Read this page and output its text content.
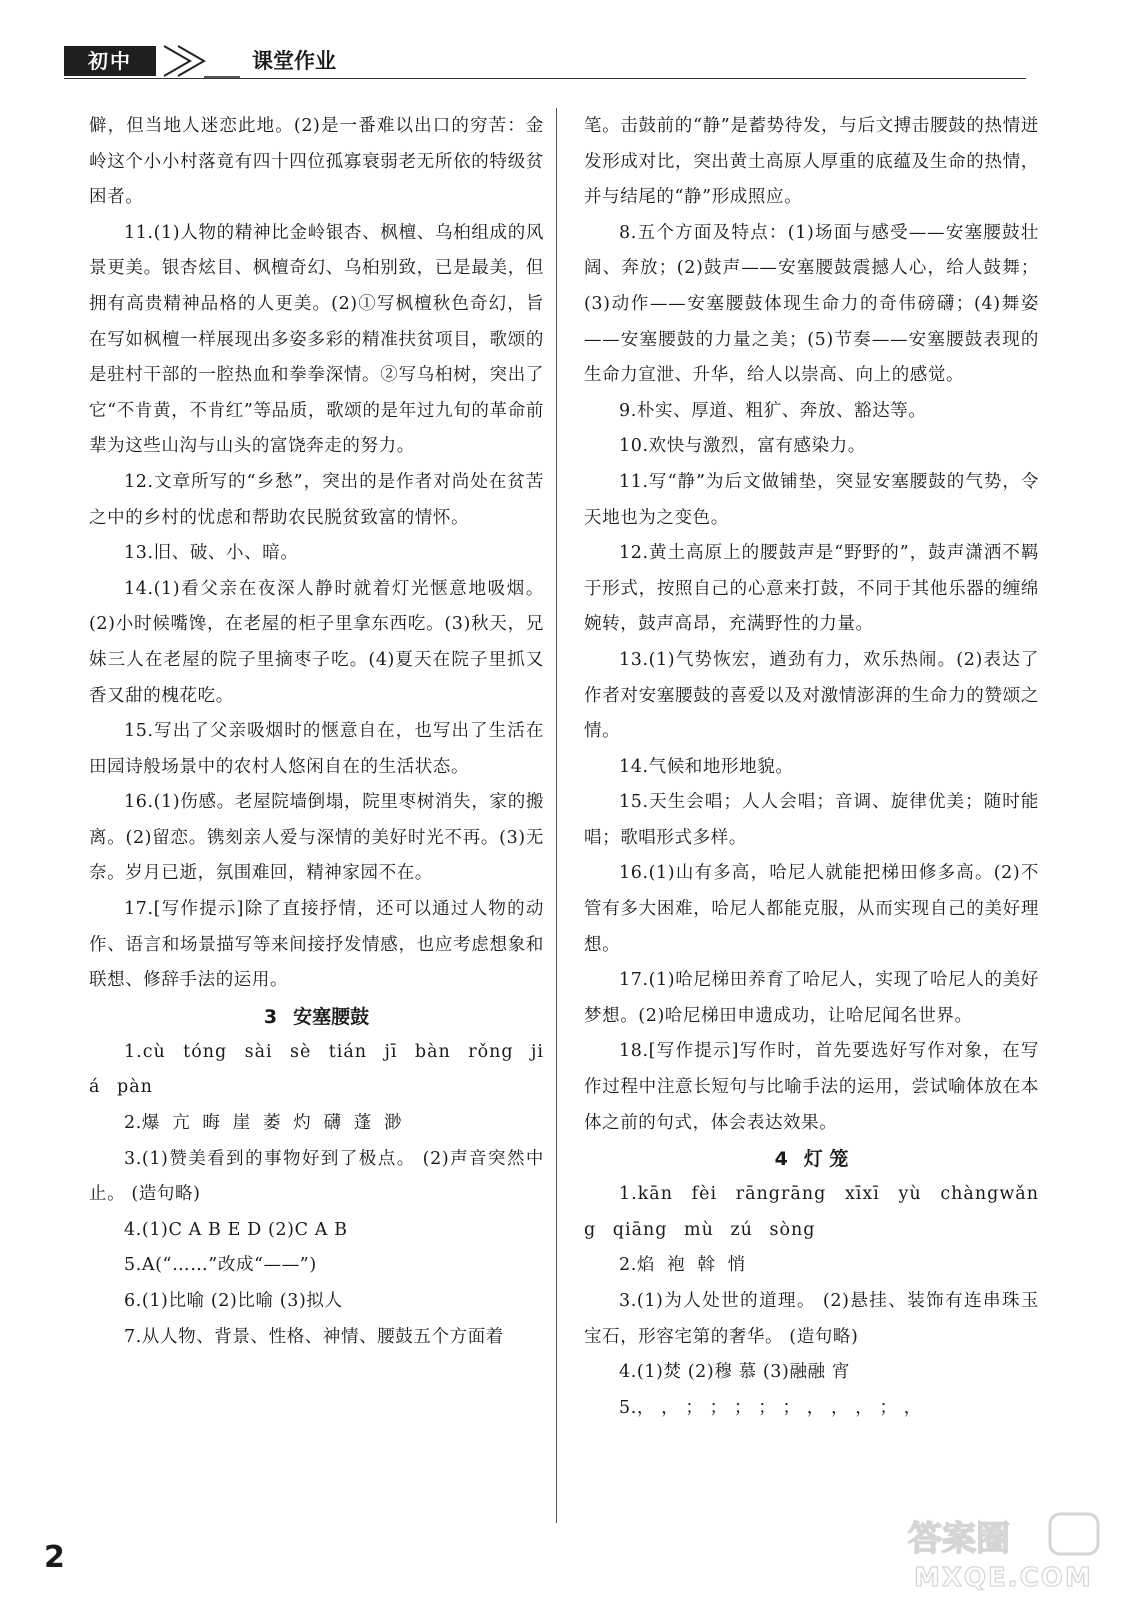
初中	课堂作业

僻，但当地人迷恋此地。(2)是一番难以出口的穷苦：金岭这个小小村落竟有四十四位孤寡衰弱老无所依的特级贫困者。

11.(1)人物的精神比金岭银杏、枫檀、乌桕组成的风景更美。银杏炫目、枫檀奇幻、乌桕别致，已是最美，但拥有高贵精神品格的人更美。(2)①写枫檀秋色奇幻，旨在写如枫檀一样展现出多姿多彩的精准扶贫项目，歌颂的是驻村干部的一腔热血和拳拳深情。②写乌桕树，突出了它“不肯黄，不肯红”等品质，歌颂的是年过九旬的革命前辈为这些山沟与山头的富饶奔走的努力。

12.文章所写的“乡愁”，突出的是作者对尚处在贫苦之中的乡村的忧虑和帮助农民脱贫致富的情怀。

13.旧、破、小、暗。

14.(1)看父亲在夜深人静时就着灯光惬意地吸烟。(2)小时候嘴馋，在老屋的柜子里拿东西吃。(3)秋天，兄妹三人在老屋的院子里摘枣子吃。(4)夏天在院子里抓又香又甜的槐花吃。

15.写出了父亲吸烟时的惬意自在，也写出了生活在田园诗般场景中的农村人悠闲自在的生活状态。

16.(1)伤感。老屋院墙倒塌，院里枣树消失，家的搬离。(2)留恋。镌刻亲人爱与深情的美好时光不再。(3)无奈。岁月已逝，氛围难回，精神家园不在。

17.[写作提示]除了直接抒情，还可以通过人物的动作、语言和场景描写等来间接抒发情感，也应考虑想象和联想、修辞手法的运用。

3 安塞腰鼓

1.cù tóng sài sè tián jī bàn rǒng jiá pàn

2.爆 亢 晦 崖 萎 灼 礴 蓬 渺

3.(1)赞美看到的事物好到了极点。 (2)声音突然中止。 (造句略)

4.(1)C A B E D (2)C A B

5.A(“……”改成“——”)

6.(1)比喻 (2)比喻 (3)拟人

7.从人物、背景、性格、神情、腰鼓五个方面着

笔。击鼓前的“静”是蓄势待发，与后文搏击腰鼓的热情迸发形成对比，突出黄土高原人厚重的底蕴及生命的热情，并与结尾的“静”形成照应。

8.五个方面及特点：(1)场面与感受——安塞腰鼓壮阔、奔放；(2)鼓声——安塞腰鼓震撼人心，给人鼓舞；(3)动作——安塞腰鼓体现生命力的奇伟磅礴；(4)舞姿——安塞腰鼓的力量之美；(5)节奏——安塞腰鼓表现的生命力宣泄、升华，给人以崇高、向上的感觉。

9.朴实、厚道、粗犷、奔放、豁达等。

10.欢快与激烈，富有感染力。

11.写“静”为后文做铺垫，突显安塞腰鼓的气势，令天地也为之变色。

12.黄土高原上的腰鼓声是“野野的”，鼓声潇洒不羁于形式，按照自己的心意来打鼓，不同于其他乐器的缠绵婉转，鼓声高昂，充满野性的力量。

13.(1)气势恢宏，遒劲有力，欢乐热闹。(2)表达了作者对安塞腰鼓的喜爱以及对激情澎湃的生命力的赞颂之情。

14.气候和地形地貌。

15.天生会唱；人人会唱；音调、旋律优美；随时能唱；歌唱形式多样。

16.(1)山有多高，哈尼人就能把梯田修多高。(2)不管有多大困难，哈尼人都能克服，从而实现自己的美好理想。

17.(1)哈尼梯田养育了哈尼人，实现了哈尼人的美好梦想。(2)哈尼梯田申遗成功，让哈尼闻名世界。

18.[写作提示]写作时，首先要选好写作对象，在写作过程中注意长短句与比喻手法的运用，尝试喻体放在本体之前的句式，体会表达效果。

4 灯 笼

1.kān fèi rāngrāng xīxī yù chàngwǎng qiāng mù zú sòng

2.焰 袍 斡 悄

3.(1)为人处世的道理。 (2)悬挂、装饰有连串珠玉宝石，形容宅第的奢华。 (造句略)

4.(1)焚 (2)穆 慕 (3)融融 宵

5.， ， ； ； ； ； ； ， ， ， ； ，

2	答案圈
MXQE.COM
